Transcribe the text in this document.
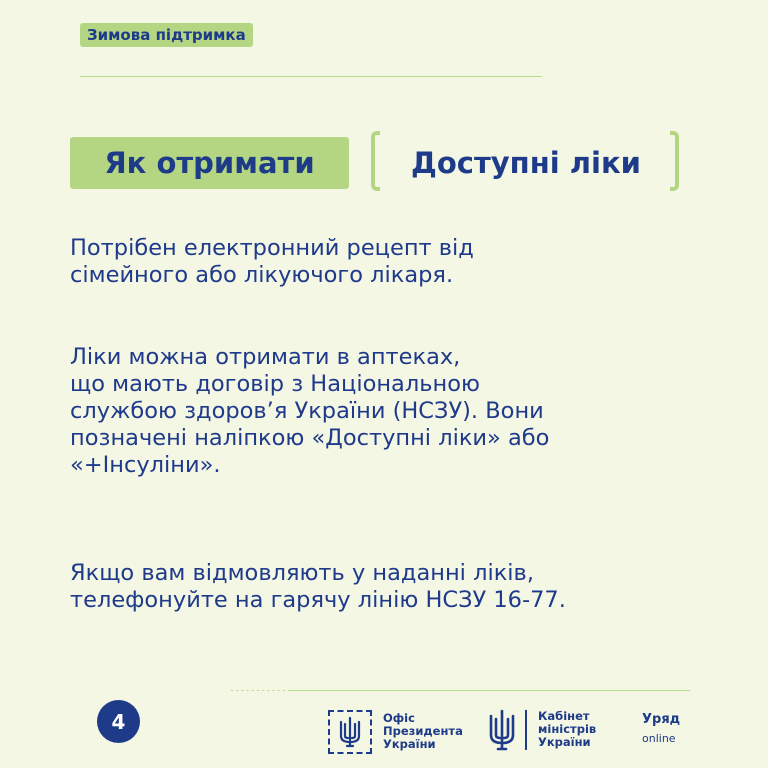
Зимова підтримка
Як отримати	Доступні ліки

Потрібен електронний рецепт від
сімейного або лікуючого лікаря.

Ліки можна отримати в аптеках,
що мають договір з Національною
службою здоров’я України (НСЗУ). Вони
позначені наліпкою «Доступні ліки» або
«+Інсуліни».

Якщо вам відмовляють у наданні ліків,
телефонуйте на гарячу лінію НСЗУ 16-77.

4	Офіс
Президента
України
Кабінет
міністрів
України
Уряд
online
